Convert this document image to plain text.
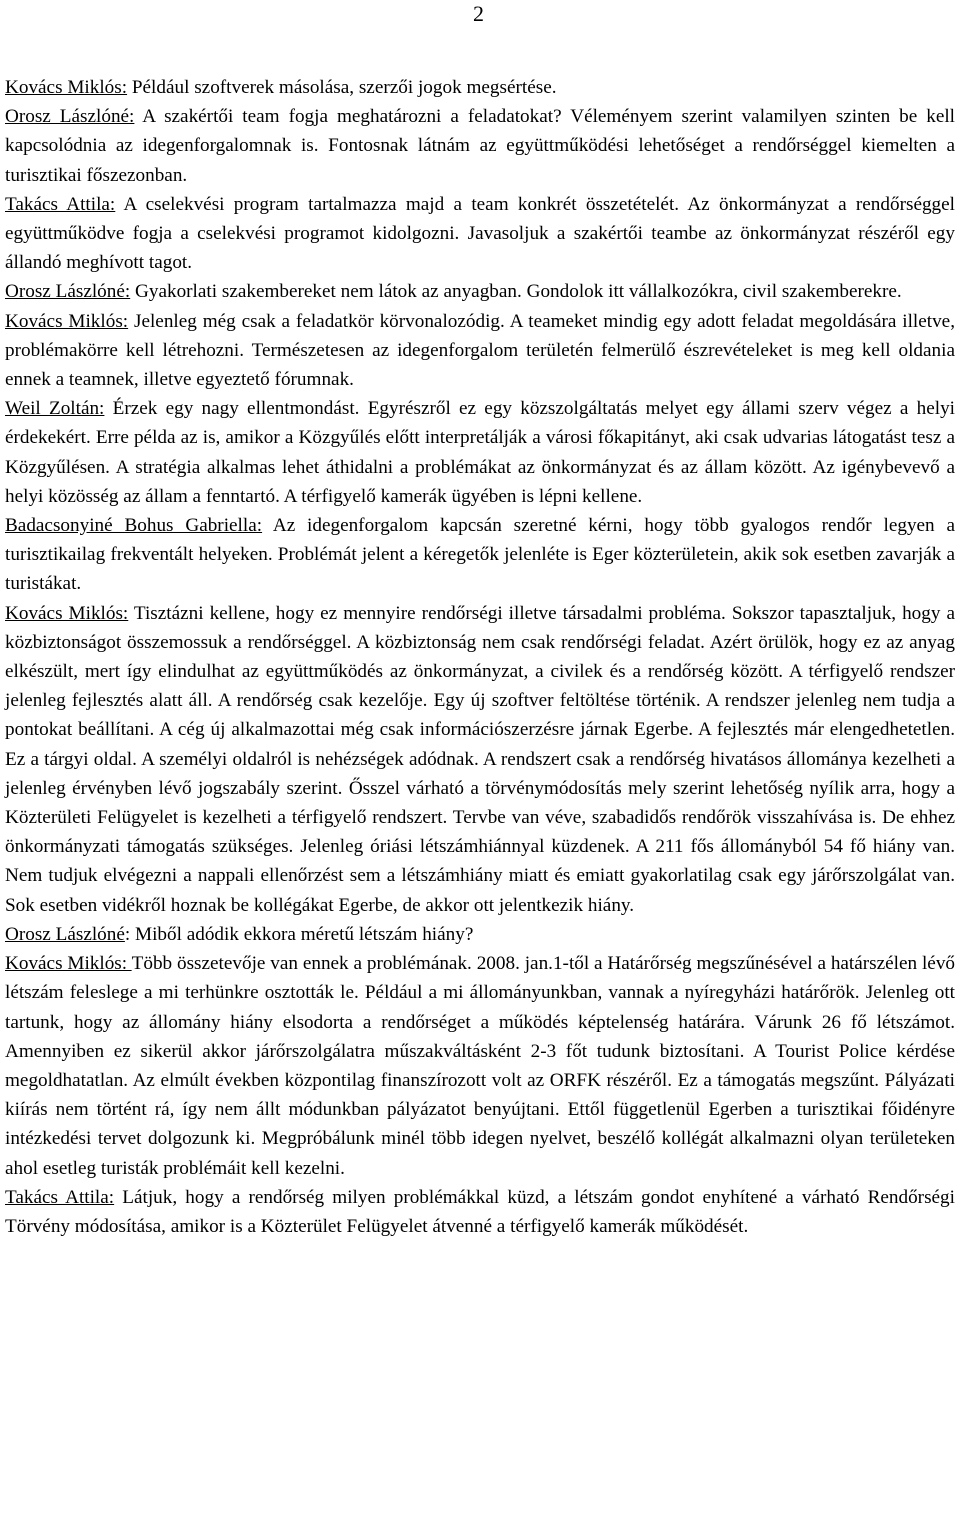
2

Kovács Miklós: Például szoftverek másolása, szerzői jogok megsértése.

Orosz Lászlóné: A szakértői team fogja meghatározni a feladatokat? Véleményem szerint valamilyen szinten be kell kapcsolódnia az idegenforgalomnak is. Fontosnak látnám az együttműködési lehetőséget a rendőrséggel kiemelten a turisztikai főszezonban.

Takács Attila: A cselekvési program tartalmazza majd a team konkrét összetételét. Az önkormányzat a rendőrséggel együttműködve fogja a cselekvési programot kidolgozni. Javasoljuk a szakértői teambe az önkormányzat részéről egy állandó meghívott tagot.

Orosz Lászlóné: Gyakorlati szakembereket nem látok az anyagban. Gondolok itt vállalkozókra, civil szakemberekre.

Kovács Miklós: Jelenleg még csak a feladatkör körvonalozódig. A teameket mindig egy adott feladat megoldására illetve, problémakörre kell létrehozni. Természetesen az idegenforgalom területén felmerülő észrevételeket is meg kell oldania ennek a teamnek, illetve egyeztető fórumnak.

Weil Zoltán: Érzek egy nagy ellentmondást. Egyrészről ez egy közszolgáltatás melyet egy állami szerv végez a helyi érdekekért. Erre példa az is, amikor a Közgyűlés előtt interpretálják a városi főkapitányt, aki csak udvarias látogatást tesz a Közgyűlésen. A stratégia alkalmas lehet áthidalni a problémákat az önkormányzat és az állam között. Az igénybevevő a helyi közösség az állam a fenntartó. A térfigyelő kamerák ügyében is lépni kellene.

Badacsonyiné Bohus Gabriella: Az idegenforgalom kapcsán szeretné kérni, hogy több gyalogos rendőr legyen a turisztikailag frekventált helyeken. Problémát jelent a kéregetők jelenléte is Eger közterületein, akik sok esetben zavarják a turistákat.

Kovács Miklós: Tisztázni kellene, hogy ez mennyire rendőrségi illetve társadalmi probléma. Sokszor tapasztaljuk, hogy a közbiztonságot összemossuk a rendőrséggel. A közbiztonság nem csak rendőrségi feladat. Azért örülök, hogy ez az anyag elkészült, mert így elindulhat az együttműködés az önkormányzat, a civilek és a rendőrség között. A térfigyelő rendszer jelenleg fejlesztés alatt áll. A rendőrség csak kezelője. Egy új szoftver feltöltése történik. A rendszer jelenleg nem tudja a pontokat beállítani. A cég új alkalmazottai még csak információszerzésre járnak Egerbe. A fejlesztés már elengedhetetlen. Ez a tárgyi oldal. A személyi oldalról is nehézségek adódnak. A rendszert csak a rendőrség hivatásos állománya kezelheti a jelenleg érvényben lévő jogszabály szerint. Ősszel várható a törvénymódosítás mely szerint lehetőség nyílik arra, hogy a Közterületi Felügyelet is kezelheti a térfigyelő rendszert. Tervbe van véve, szabadidős rendőrök visszahívása is. De ehhez önkormányzati támogatás szükséges. Jelenleg óriási létszámhiánnyal küzdenek. A 211 fős állományból 54 fő hiány van. Nem tudjuk elvégezni a nappali ellenőrzést sem a létszámhiány miatt és emiatt gyakorlatilag csak egy járőrszolgálat van. Sok esetben vidékről hoznak be kollégákat Egerbe, de akkor ott jelentkezik hiány.

Orosz Lászlóné: Miből adódik ekkora méretű létszám hiány?

Kovács Miklós: Több összetevője van ennek a problémának. 2008. jan.1-től a Határőrség megszűnésével a határszélen lévő létszám feleslege a mi terhünkre osztották le. Például a mi állományunkban, vannak a nyíregyházi határőrök. Jelenleg ott tartunk, hogy az állomány hiány elsodorta a rendőrséget a működés képtelenség határára. Várunk 26 fő létszámot. Amennyiben ez sikerül akkor járőrszolgálatra műszakváltásként 2-3 főt tudunk biztosítani. A Tourist Police kérdése megoldhatatlan. Az elmúlt években központilag finanszírozott volt az ORFK részéről. Ez a támogatás megszűnt. Pályázati kiírás nem történt rá, így nem állt módunkban pályázatot benyújtani. Ettől függetlenül Egerben a turisztikai főidényre intézkedési tervet dolgozunk ki. Megpróbálunk minél több idegen nyelvet, beszélő kollégát alkalmazni olyan területeken ahol esetleg turisták problémáit kell kezelni.

Takács Attila: Látjuk, hogy a rendőrség milyen problémákkal küzd, a létszám gondot enyhítené a várható Rendőrségi Törvény módosítása, amikor is a Közterület Felügyelet átvenné a térfigyelő kamerák működését.
